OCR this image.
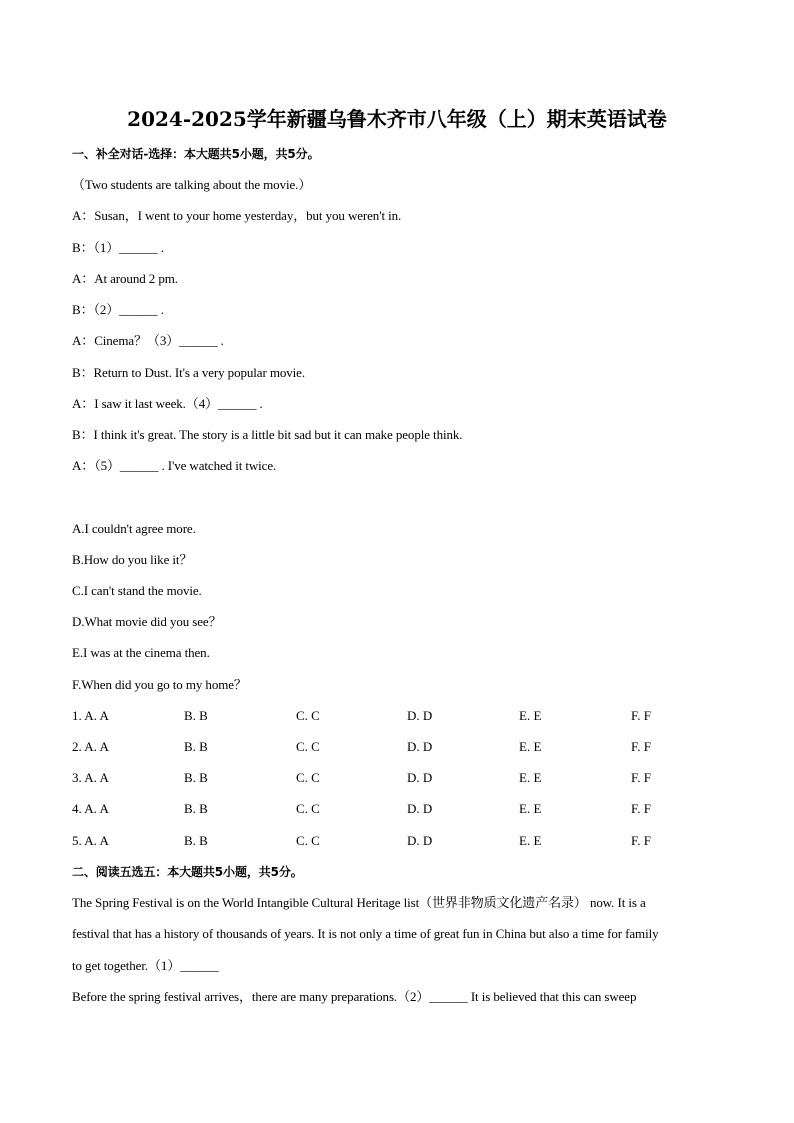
2024-2025学年新疆乌鲁木齐市八年级（上）期末英语试卷
一、补全对话-选择：本大题共5小题，共5分。
（Two students are talking about the movie.）
A：Susan，I went to your home yesterday，but you weren't in.
B：（1）______ .
A：At around 2 pm.
B：（2）______ .
A：Cinema？（3）______ .
B：Return to Dust. It's a very popular movie.
A：I saw it last week.（4）______ .
B：I think it's great. The story is a little bit sad but it can make people think.
A：（5）______ . I've watched it twice.
A.I couldn't agree more.
B.How do you like it？
C.I can't stand the movie.
D.What movie did you see？
E.I was at the cinema then.
F.When did you go to my home？
1. A. A	B. B	C. C	D. D	E. E	F. F
2. A. A	B. B	C. C	D. D	E. E	F. F
3. A. A	B. B	C. C	D. D	E. E	F. F
4. A. A	B. B	C. C	D. D	E. E	F. F
5. A. A	B. B	C. C	D. D	E. E	F. F
二、阅读五选五：本大题共5小题，共5分。
The Spring Festival is on the World Intangible Cultural Heritage list（世界非物质文化遗产名录） now. It is a
festival that has a history of thousands of years. It is not only a time of great fun in China but also a time for family
to get together.（1）______
Before the spring festival arrives，there are many preparations.（2）______ It is believed that this can sweep
